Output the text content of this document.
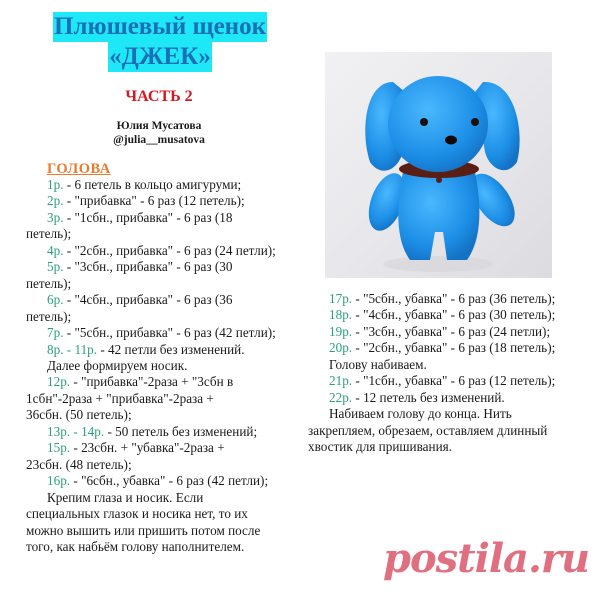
Плюшевый щенок
«ДЖЕК»
ЧАСТЬ 2
Юлия Мусатова
@julia__musatova
ГОЛОВА
1р. - 6 петель в кольцо амигуруми;
2р. - "прибавка" - 6 раз (12 петель);
3р. - "1сбн., прибавка" - 6 раз (18
петель);
4р. - "2сбн., прибавка" - 6 раз (24 петли);
5р. - "3сбн., прибавка" - 6 раз (30
петель);
6р. - "4сбн., прибавка" - 6 раз (36
петель);
7р. - "5сбн., прибавка" - 6 раз (42 петли);
8р. - 11р. - 42 петли без изменений.
Далее формируем носик.
12р. - "прибавка"-2раза + "3сбн в
1сбн"-2раза + "прибавка"-2раза +
36сбн. (50 петель);
13р. - 14р. - 50 петель без изменений;
15р. - 23сбн. + "убавка"-2раза +
23сбн. (48 петель);
16р. - "6сбн., убавка" - 6 раз (42 петли);
Крепим глаза и носик. Если
специальных глазок и носика нет, то их
можно вышить или пришить потом после
того, как набьём голову наполнителем.
17р. - "5сбн., убавка" - 6 раз (36 петель);
18р. - "4сбн., убавка" - 6 раз (30 петель);
19р. - "3сбн., убавка" - 6 раз (24 петли);
20р. - "2сбн., убавка" - 6 раз (18 петель);
Голову набиваем.
21р. - "1сбн., убавка" - 6 раз (12 петель);
22р. - 12 петель без изменений.
Набиваем голову до конца. Нить
закрепляем, обрезаем, оставляем длинный
хвостик для пришивания.
postila.ru
